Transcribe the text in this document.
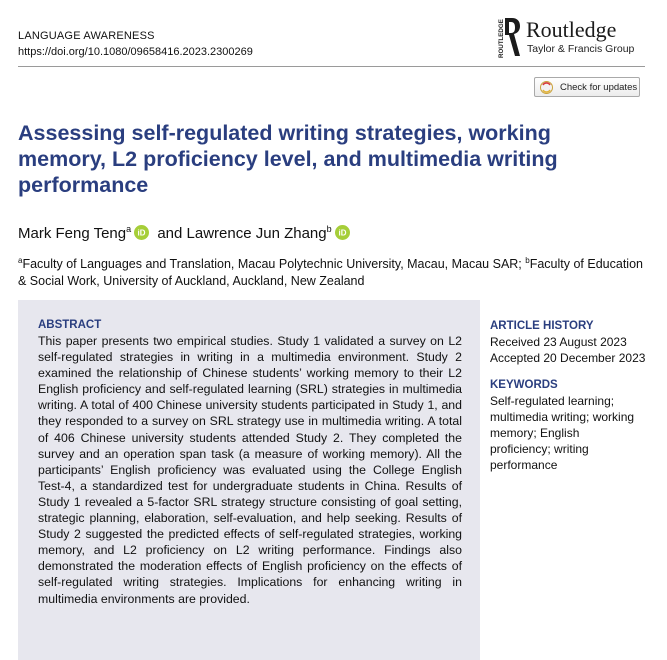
LANGUAGE AWARENESS
https://doi.org/10.1080/09658416.2023.2300269	ROUTLEDGE Routledge
Taylor & Francis Group
Check for updates
Assessing self-regulated writing strategies, working memory, L2 proficiency level, and multimedia writing performance
Mark Feng Teng$^a$ iD and Lawrence Jun Zhang$^b$ iD
$^a$Faculty of Languages and Translation, Macau Polytechnic University, Macau, Macau SAR; $^b$Faculty of Education & Social Work, University of Auckland, Auckland, New Zealand
ABSTRACT
This paper presents two empirical studies. Study 1 validated a survey on L2 self-regulated strategies in writing in a multimedia environment. Study 2 examined the relationship of Chinese students’ working memory to their L2 English proficiency and self-regulated learning (SRL) strategies in multimedia writing. A total of 400 Chinese university students participated in Study 1, and they responded to a survey on SRL strategy use in multimedia writing. A total of 406 Chinese university students attended Study 2. They completed the survey and an operation span task (a measure of working memory). All the participants’ English proficiency was evaluated using the College English Test-4, a standardized test for undergraduate students in China. Results of Study 1 revealed a 5-factor SRL strategy structure consisting of goal setting, strategic planning, elaboration, self-evaluation, and help seeking. Results of Study 2 suggested the predicted effects of self-regulated strategies, working memory, and L2 proficiency on L2 writing performance. Findings also demonstrated the moderation effects of English proficiency on the effects of self-regulated writing strategies. Implications for enhancing writing in multimedia environments are provided.
ARTICLE HISTORY
Received 23 August 2023
Accepted 20 December 2023
KEYWORDS
Self-regulated learning; multimedia writing; working memory; English proficiency; writing performance
